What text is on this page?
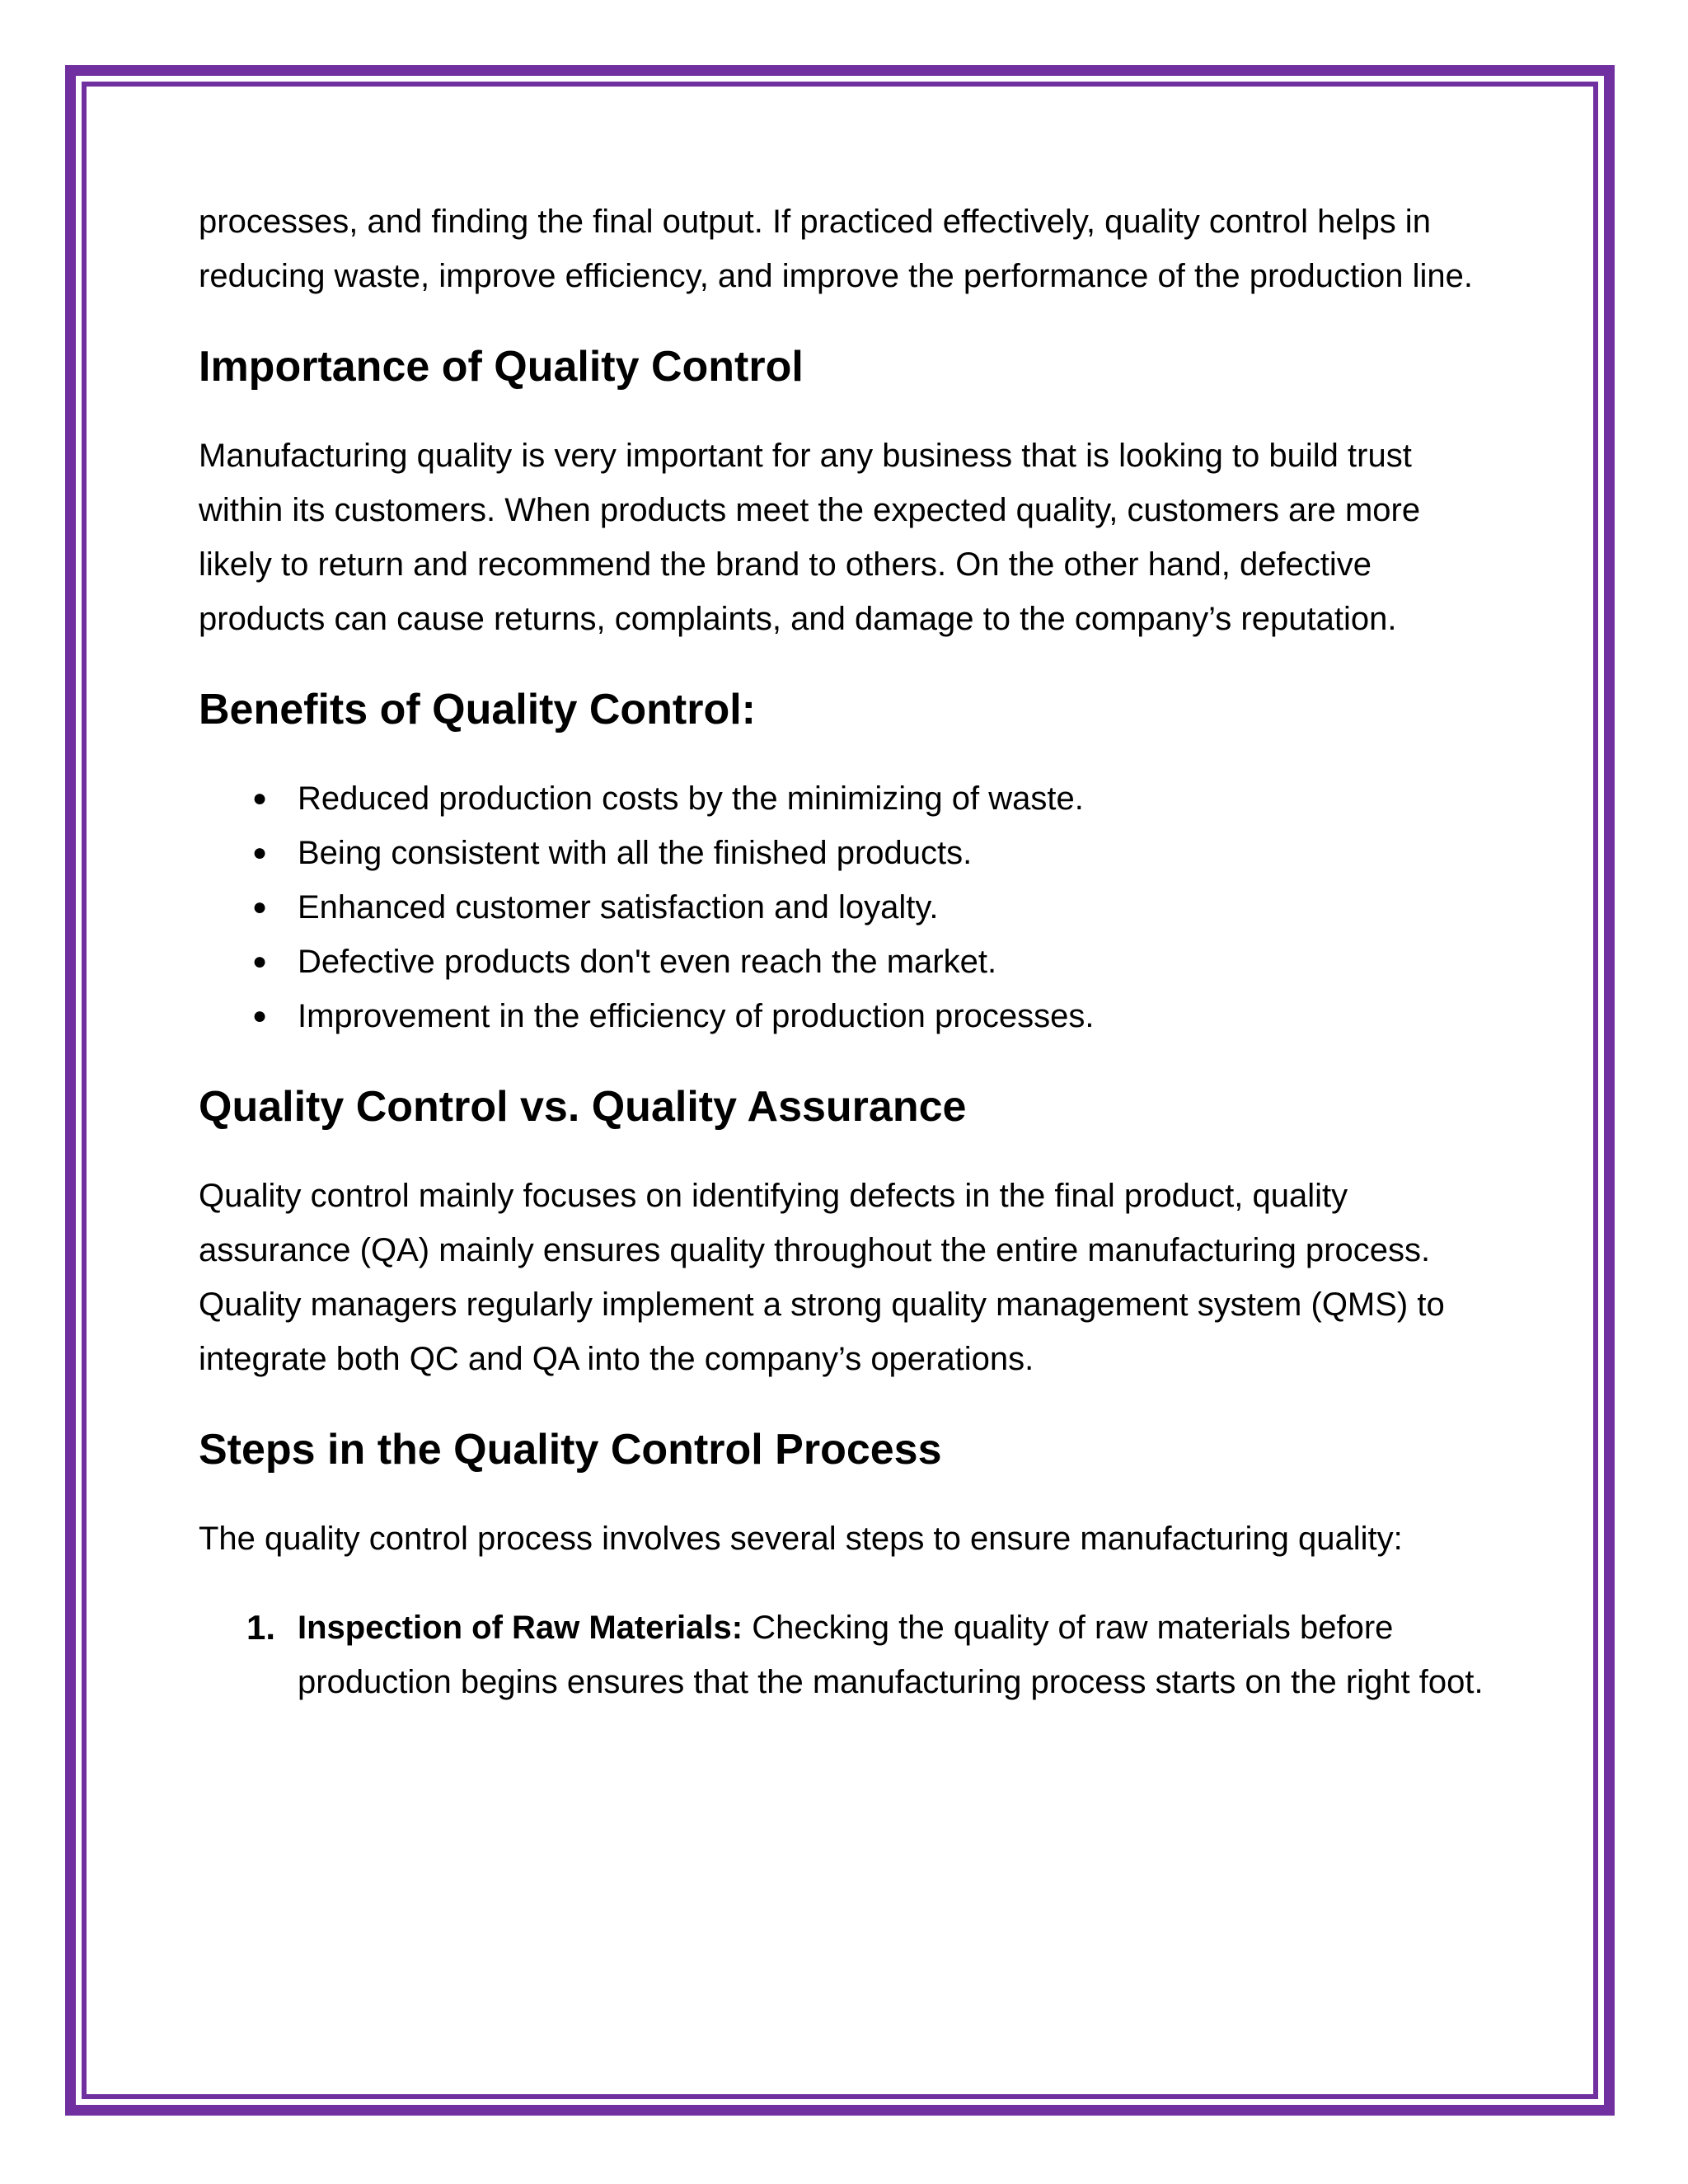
processes, and finding the final output. If practiced effectively, quality control helps in reducing waste, improve efficiency, and improve the performance of the production line.

Importance of Quality Control

Manufacturing quality is very important for any business that is looking to build trust within its customers. When products meet the expected quality, customers are more likely to return and recommend the brand to others. On the other hand, defective products can cause returns, complaints, and damage to the company’s reputation.

Benefits of Quality Control:
● Reduced production costs by the minimizing of waste.
● Being consistent with all the finished products.
● Enhanced customer satisfaction and loyalty.
● Defective products don't even reach the market.
● Improvement in the efficiency of production processes.
Quality Control vs. Quality Assurance

Quality control mainly focuses on identifying defects in the final product, quality assurance (QA) mainly ensures quality throughout the entire manufacturing process. Quality managers regularly implement a strong quality management system (QMS) to integrate both QC and QA into the company’s operations.

Steps in the Quality Control Process

The quality control process involves several steps to ensure manufacturing quality:

1. Inspection of Raw Materials: Checking the quality of raw materials before production begins ensures that the manufacturing process starts on the right foot.
